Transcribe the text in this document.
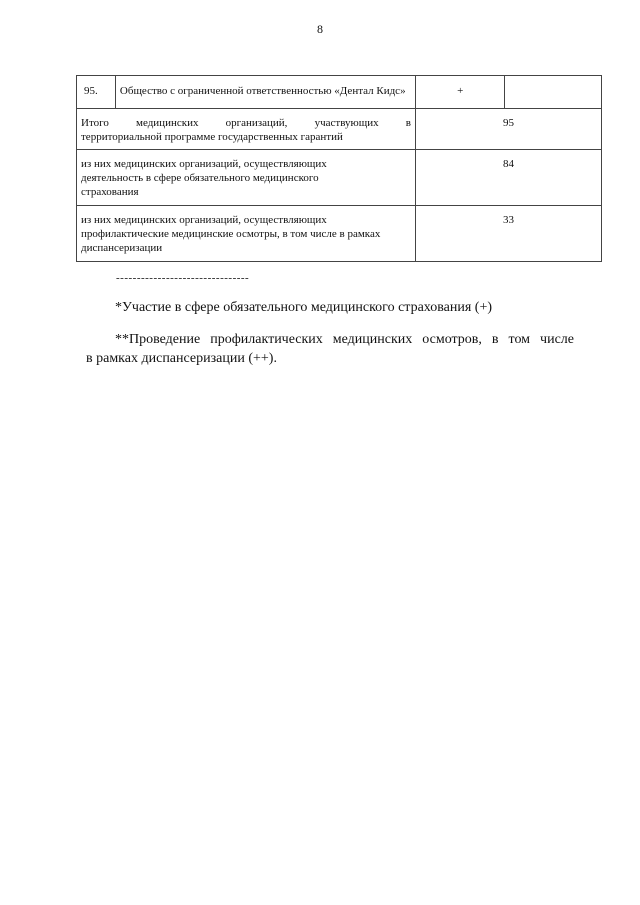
8
95.	Общество с ограниченной ответственностью «Дентал Кидс»	+	

Итого медицинских организаций, участвующих в
территориальной программе государственных гарантий		95	
из них медицинских организаций, осуществляющих деятельность в сфере обязательного медицинского страхования		84	
из них медицинских организаций, осуществляющих профилактические медицинские осмотры, в том числе в рамках диспансеризации		33	
--------------------------------
*Участие в сфере обязательного медицинского страхования (+)
**Проведение профилактических медицинских осмотров, в том числе
в рамках диспансеризации (++).
